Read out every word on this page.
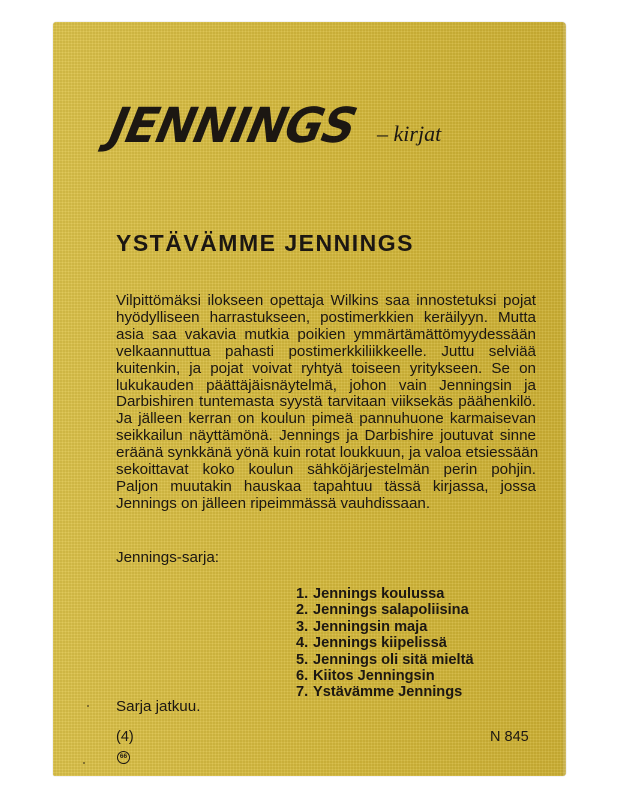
JENNINGS – kirjat
YSTÄVÄMME JENNINGS
Vilpittömäksi ilokseen opettaja Wilkins saa innostetuksi pojat
hyödylliseen harrastukseen, postimerkkien keräilyyn. Mutta
asia saa vakavia mutkia poikien ymmärtämättömyydessään
velkaannuttua pahasti postimerkkiliikkeelle. Juttu selviää
kuitenkin, ja pojat voivat ryhtyä toiseen yritykseen. Se on
lukukauden päättäjäisnäytelmä, johon vain Jenningsin ja
Darbishiren tuntemasta syystä tarvitaan viiksekäs päähenkilö.
Ja jälleen kerran on koulun pimeä pannuhuone karmaisevan
seikkailun näyttämönä. Jennings ja Darbishire joutuvat sinne
eräänä synkkänä yönä kuin rotat loukkuun, ja valoa etsiessään
sekoittavat koko koulun sähköjärjestelmän perin pohjin.
Paljon muutakin hauskaa tapahtuu tässä kirjassa, jossa
Jennings on jälleen ripeimmässä vauhdissaan.
Jennings-sarja:
1. Jennings koulussa
2. Jennings salapoliisina
3. Jenningsin maja
4. Jennings kiipelissä
5. Jennings oli sitä mieltä
6. Kiitos Jenningsin
7. Ystävämme Jennings
Sarja jatkuu.
(4)
66
N 845
